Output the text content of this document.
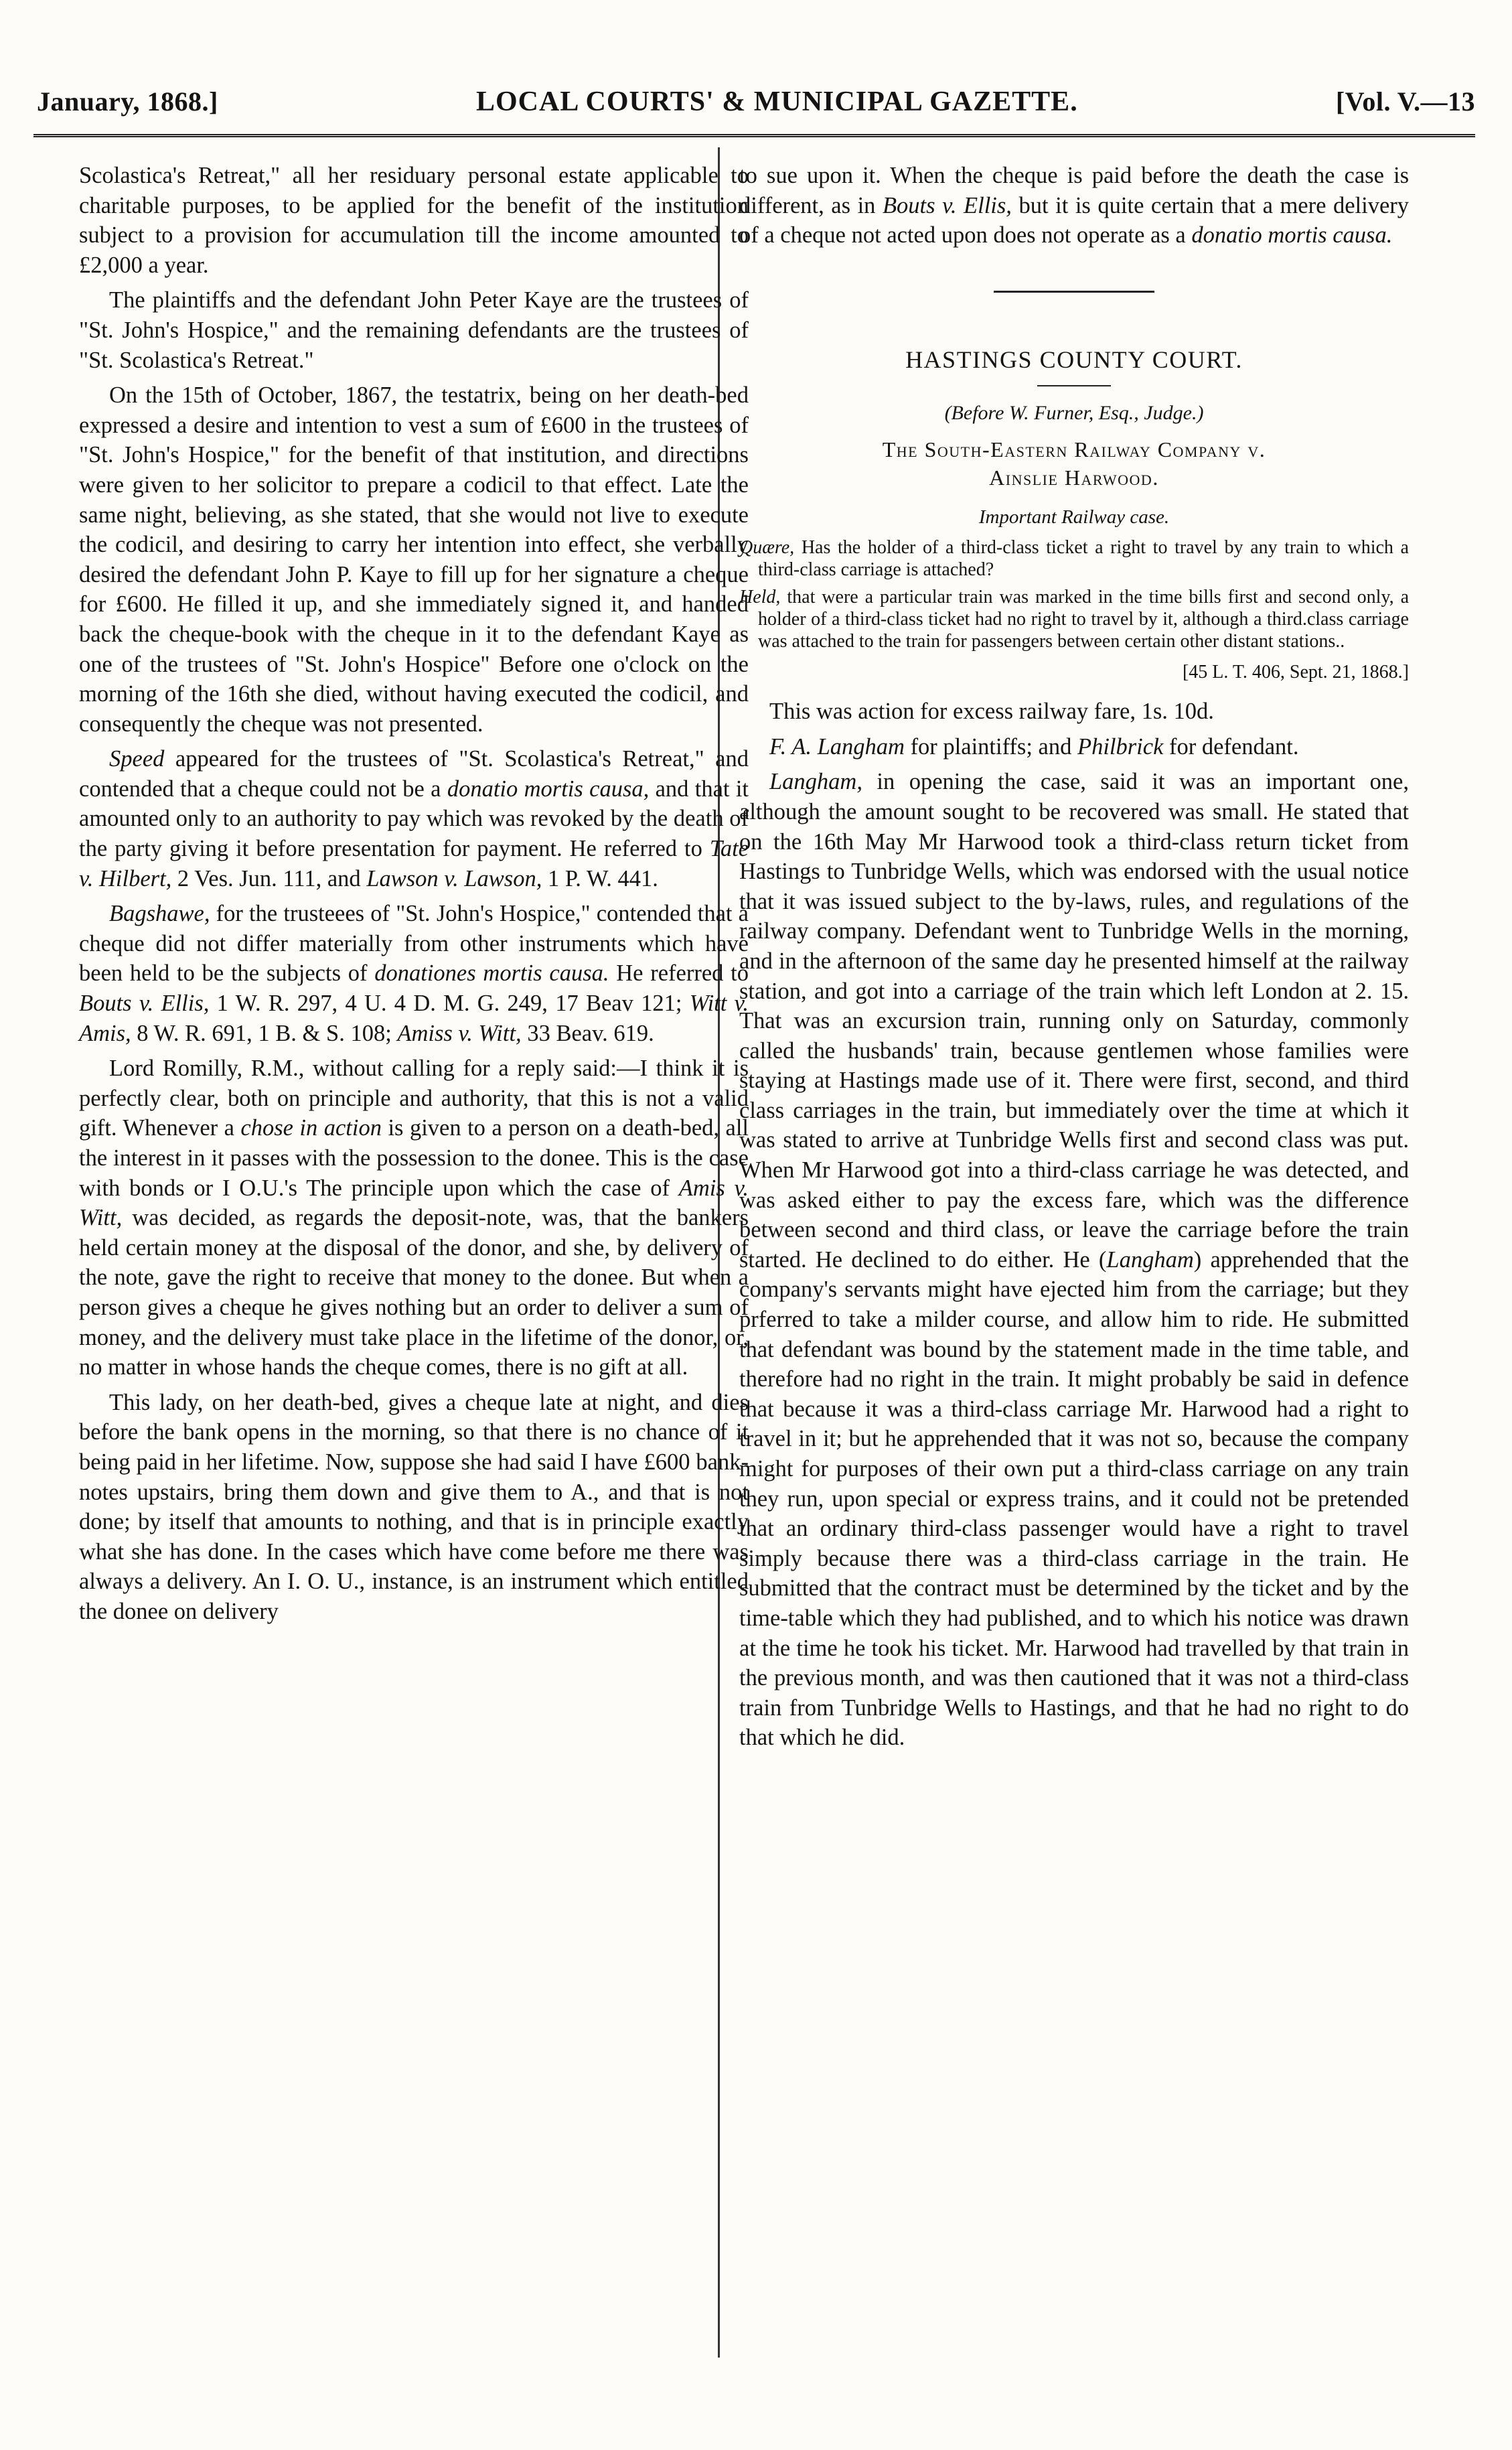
January, 1868.]	LOCAL COURTS' & MUNICIPAL GAZETTE.	[Vol. V.—13

Scolastica's Retreat," all her residuary personal estate applicable to charitable purposes, to be applied for the benefit of the institution subject to a provision for accumulation till the income amounted to £2,000 a year.

The plaintiffs and the defendant John Peter Kaye are the trustees of "St. John's Hospice," and the remaining defendants are the trustees of "St. Scolastica's Retreat."

On the 15th of October, 1867, the testatrix, being on her death-bed expressed a desire and intention to vest a sum of £600 in the trustees of "St. John's Hospice," for the benefit of that institution, and directions were given to her solicitor to prepare a codicil to that effect. Late the same night, believing, as she stated, that she would not live to execute the codicil, and desiring to carry her intention into effect, she verbally desired the defendant John P. Kaye to fill up for her signature a cheque for £600. He filled it up, and she immediately signed it, and handed back the cheque-book with the cheque in it to the defendant Kaye as one of the trustees of "St. John's Hospice" Before one o'clock on the morning of the 16th she died, without having executed the codicil, and consequently the cheque was not presented.

Speed appeared for the trustees of "St. Scolastica's Retreat," and contended that a cheque could not be a donatio mortis causa, and that it amounted only to an authority to pay which was revoked by the death of the party giving it before presentation for payment. He referred to Tate v. Hilbert, 2 Ves. Jun. 111, and Lawson v. Lawson, 1 P. W. 441.

Bagshawe, for the trusteees of "St. John's Hospice," contended that a cheque did not differ materially from other instruments which have been held to be the subjects of donationes mortis causa. He referred to Bouts v. Ellis, 1 W. R. 297, 4 U. 4 D. M. G. 249, 17 Beav 121; Witt v. Amis, 8 W. R. 691, 1 B. & S. 108; Amiss v. Witt, 33 Beav. 619.

Lord Romilly, R.M., without calling for a reply said:—I think it is perfectly clear, both on principle and authority, that this is not a valid gift. Whenever a chose in action is given to a person on a death-bed, all the interest in it passes with the possession to the donee. This is the case with bonds or I O.U.'s The principle upon which the case of Amis v. Witt, was decided, as regards the deposit-note, was, that the bankers held certain money at the disposal of the donor, and she, by delivery of the note, gave the right to receive that money to the donee. But when a person gives a cheque he gives nothing but an order to deliver a sum of money, and the delivery must take place in the lifetime of the donor, or, no matter in whose hands the cheque comes, there is no gift at all.

This lady, on her death-bed, gives a cheque late at night, and dies before the bank opens in the morning, so that there is no chance of it being paid in her lifetime. Now, suppose she had said I have £600 bank-notes upstairs, bring them down and give them to A., and that is not done; by itself that amounts to nothing, and that is in principle exactly what she has done. In the cases which have come before me there was always a delivery. An I. O. U., instance, is an instrument which entitled the donee on delivery

to sue upon it. When the cheque is paid before the death the case is different, as in Bouts v. Ellis, but it is quite certain that a mere delivery of a cheque not acted upon does not operate as a donatio mortis causa.

HASTINGS COUNTY COURT.
(Before W. Furner, Esq., Judge.)
The South-Eastern Railway Company v.
Ainslie Harwood.
Important Railway case.
Quære, Has the holder of a third-class ticket a right to travel by any train to which a third-class carriage is attached?
Held, that were a particular train was marked in the time bills first and second only, a holder of a third-class ticket had no right to travel by it, although a third.class carriage was attached to the train for passengers between certain other distant stations..
[45 L. T. 406, Sept. 21, 1868.]

This was action for excess railway fare, 1s. 10d.

F. A. Langham for plaintiffs; and Philbrick for defendant.

Langham, in opening the case, said it was an important one, although the amount sought to be recovered was small. He stated that on the 16th May Mr Harwood took a third-class return ticket from Hastings to Tunbridge Wells, which was endorsed with the usual notice that it was issued subject to the by-laws, rules, and regulations of the railway company. Defendant went to Tunbridge Wells in the morning, and in the afternoon of the same day he presented himself at the railway station, and got into a carriage of the train which left London at 2. 15. That was an excursion train, running only on Saturday, commonly called the husbands' train, because gentlemen whose families were staying at Hastings made use of it. There were first, second, and third class carriages in the train, but immediately over the time at which it was stated to arrive at Tunbridge Wells first and second class was put. When Mr Harwood got into a third-class carriage he was detected, and was asked either to pay the excess fare, which was the difference between second and third class, or leave the carriage before the train started. He declined to do either. He (Langham) apprehended that the company's servants might have ejected him from the carriage; but they prferred to take a milder course, and allow him to ride. He submitted that defendant was bound by the statement made in the time table, and therefore had no right in the train. It might probably be said in defence that because it was a third-class carriage Mr. Harwood had a right to travel in it; but he apprehended that it was not so, because the company might for purposes of their own put a third-class carriage on any train they run, upon special or express trains, and it could not be pretended that an ordinary third-class passenger would have a right to travel simply because there was a third-class carriage in the train. He submitted that the contract must be determined by the ticket and by the time-table which they had published, and to which his notice was drawn at the time he took his ticket. Mr. Harwood had travelled by that train in the previous month, and was then cautioned that it was not a third-class train from Tunbridge Wells to Hastings, and that he had no right to do that which he did.
